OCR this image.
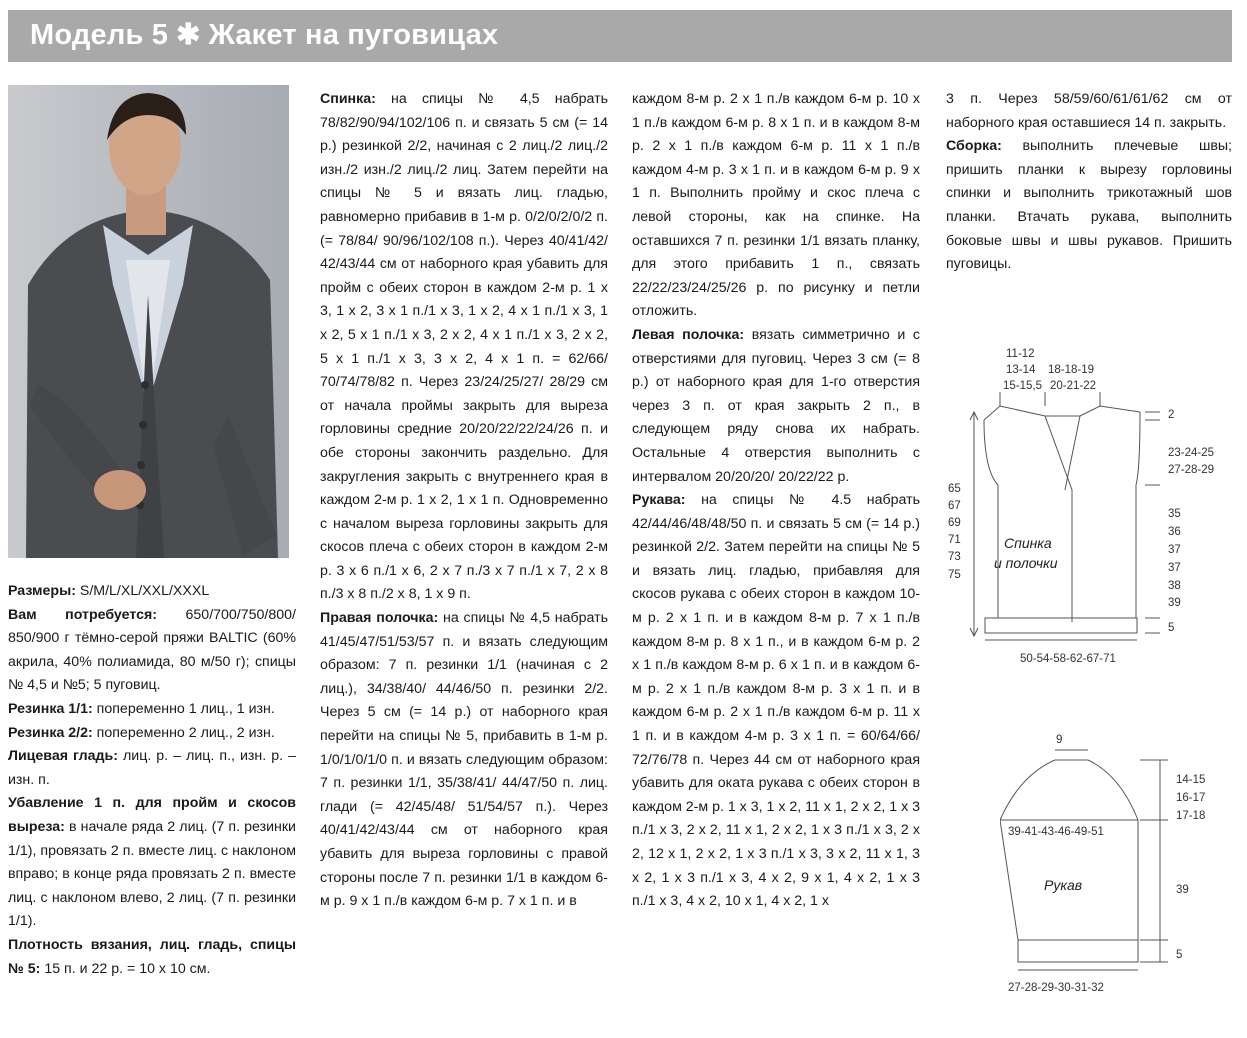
Модель 5 ✱ Жакет на пуговицах

Размеры: S/M/L/XL/XXL/XXXL

Вам потребуется: 650/700/750/800/ 850/900 г тёмно-серой пряжи BALTIC (60% акрила, 40% полиамида, 80 м/50 г); спицы № 4,5 и №5; 5 пуговиц.

Резинка 1/1: попеременно 1 лиц., 1 изн.

Резинка 2/2: попеременно 2 лиц., 2 изн.

Лицевая гладь: лиц. р. – лиц. п., изн. р. – изн. п.

Убавление 1 п. для пройм и скосов выреза: в начале ряда 2 лиц. (7 п. резинки 1/1), провязать 2 п. вместе лиц. с наклоном вправо; в конце ряда провязать 2 п. вместе лиц. с наклоном влево, 2 лиц. (7 п. резинки 1/1).

Плотность вязания, лиц. гладь, спицы № 5: 15 п. и 22 р. = 10 х 10 см.

Спинка: на спицы № 4,5 набрать 78/82/90/94/102/106 п. и связать 5 см (= 14 р.) резинкой 2/2, начиная с 2 лиц./2 лиц./2 изн./2 изн./2 лиц./2 лиц. Затем перейти на спицы № 5 и вязать лиц. гладью, равномерно прибавив в 1-м р. 0/2/0/2/0/2 п. (= 78/84/ 90/96/102/108 п.). Через 40/41/42/ 42/43/44 см от наборного края убавить для пройм с обеих сторон в каждом 2-м р. 1 х 3, 1 х 2, 3 х 1 п./1 х 3, 1 х 2, 4 х 1 п./1 х 3, 1 х 2, 5 х 1 п./1 х 3, 2 х 2, 4 х 1 п./1 х 3, 2 х 2, 5 х 1 п./1 х 3, 3 х 2, 4 х 1 п. = 62/66/ 70/74/78/82 п. Через 23/24/25/27/ 28/29 см от начала проймы закрыть для выреза горловины средние 20/20/22/22/24/26 п. и обе стороны закончить раздельно. Для закругления закрыть с внутреннего края в каждом 2-м р. 1 х 2, 1 х 1 п. Одновременно с началом выреза горловины закрыть для скосов плеча с обеих сторон в каждом 2-м р. 3 х 6 п./1 х 6, 2 х 7 п./3 х 7 п./1 х 7, 2 х 8 п./3 х 8 п./2 х 8, 1 х 9 п.

Правая полочка: на спицы № 4,5 набрать 41/45/47/51/53/57 п. и вязать следующим образом: 7 п. резинки 1/1 (начиная с 2 лиц.), 34/38/40/ 44/46/50 п. резинки 2/2. Через 5 см (= 14 р.) от наборного края перейти на спицы № 5, прибавить в 1-м р. 1/0/1/0/1/0 п. и вязать следующим образом: 7 п. резинки 1/1, 35/38/41/ 44/47/50 п. лиц. глади (= 42/45/48/ 51/54/57 п.). Через 40/41/42/43/44 см от наборного края убавить для выреза горловины с правой стороны после 7 п. резинки 1/1 в каждом 6-м р. 9 х 1 п./в каждом 6-м р. 7 х 1 п. и в

каждом 8-м р. 2 х 1 п./в каждом 6-м р. 10 х 1 п./в каждом 6-м р. 8 х 1 п. и в каждом 8-м р. 2 х 1 п./в каждом 6-м р. 11 х 1 п./в каждом 4-м р. 3 х 1 п. и в каждом 6-м р. 9 х 1 п. Выполнить пройму и скос плеча с левой стороны, как на спинке. На оставшихся 7 п. резинки 1/1 вязать планку, для этого прибавить 1 п., связать 22/22/23/24/25/26 р. по рисунку и петли отложить.

Левая полочка: вязать симметрично и с отверстиями для пуговиц. Через 3 см (= 8 р.) от наборного края для 1-го отверстия через 3 п. от края закрыть 2 п., в следующем ряду снова их набрать. Остальные 4 отверстия выполнить с интервалом 20/20/20/ 20/22/22 р.

Рукава: на спицы № 4.5 набрать 42/44/46/48/48/50 п. и связать 5 см (= 14 р.) резинкой 2/2. Затем перейти на спицы № 5 и вязать лиц. гладью, прибавляя для скосов рукава с обеих сторон в каждом 10-м р. 2 х 1 п. и в каждом 8-м р. 7 х 1 п./в каждом 8-м р. 8 х 1 п., и в каждом 6-м р. 2 х 1 п./в каждом 8-м р. 6 х 1 п. и в каждом 6-м р. 2 х 1 п./в каждом 8-м р. 3 х 1 п. и в каждом 6-м р. 2 х 1 п./в каждом 6-м р. 11 х 1 п. и в каждом 4-м р. 3 х 1 п. = 60/64/66/ 72/76/78 п. Через 44 см от наборного края убавить для оката рукава с обеих сторон в каждом 2-м р. 1 х 3, 1 х 2, 11 х 1, 2 х 2, 1 х 3 п./1 х 3, 2 х 2, 11 х 1, 2 х 2, 1 х 3 п./1 х 3, 2 х 2, 12 х 1, 2 х 2, 1 х 3 п./1 х 3, 3 х 2, 11 х 1, 3 х 2, 1 х 3 п./1 х 3, 4 х 2, 9 х 1, 4 х 2, 1 х 3 п./1 х 3, 4 х 2, 10 х 1, 4 х 2, 1 х

3 п. Через 58/59/60/61/61/62 см от наборного края оставшиеся 14 п. закрыть.

Сборка: выполнить плечевые швы; пришить планки к вырезу горловины спинки и выполнить трикотажный шов планки. Втачать рукава, выполнить боковые швы и швы рукавов. Пришить пуговицы.

11-12
13-14
15-15,5
18-18-19
20-21-22
2
23-24-25
27-28-29
35
36
37
37
38
39
5
65
67
69
71
73
75
50-54-58-62-67-71
Спинка
и полочки
9
14-15
16-17
17-18
39-41-43-46-49-51
39
5
27-28-29-30-31-32
Рукав
